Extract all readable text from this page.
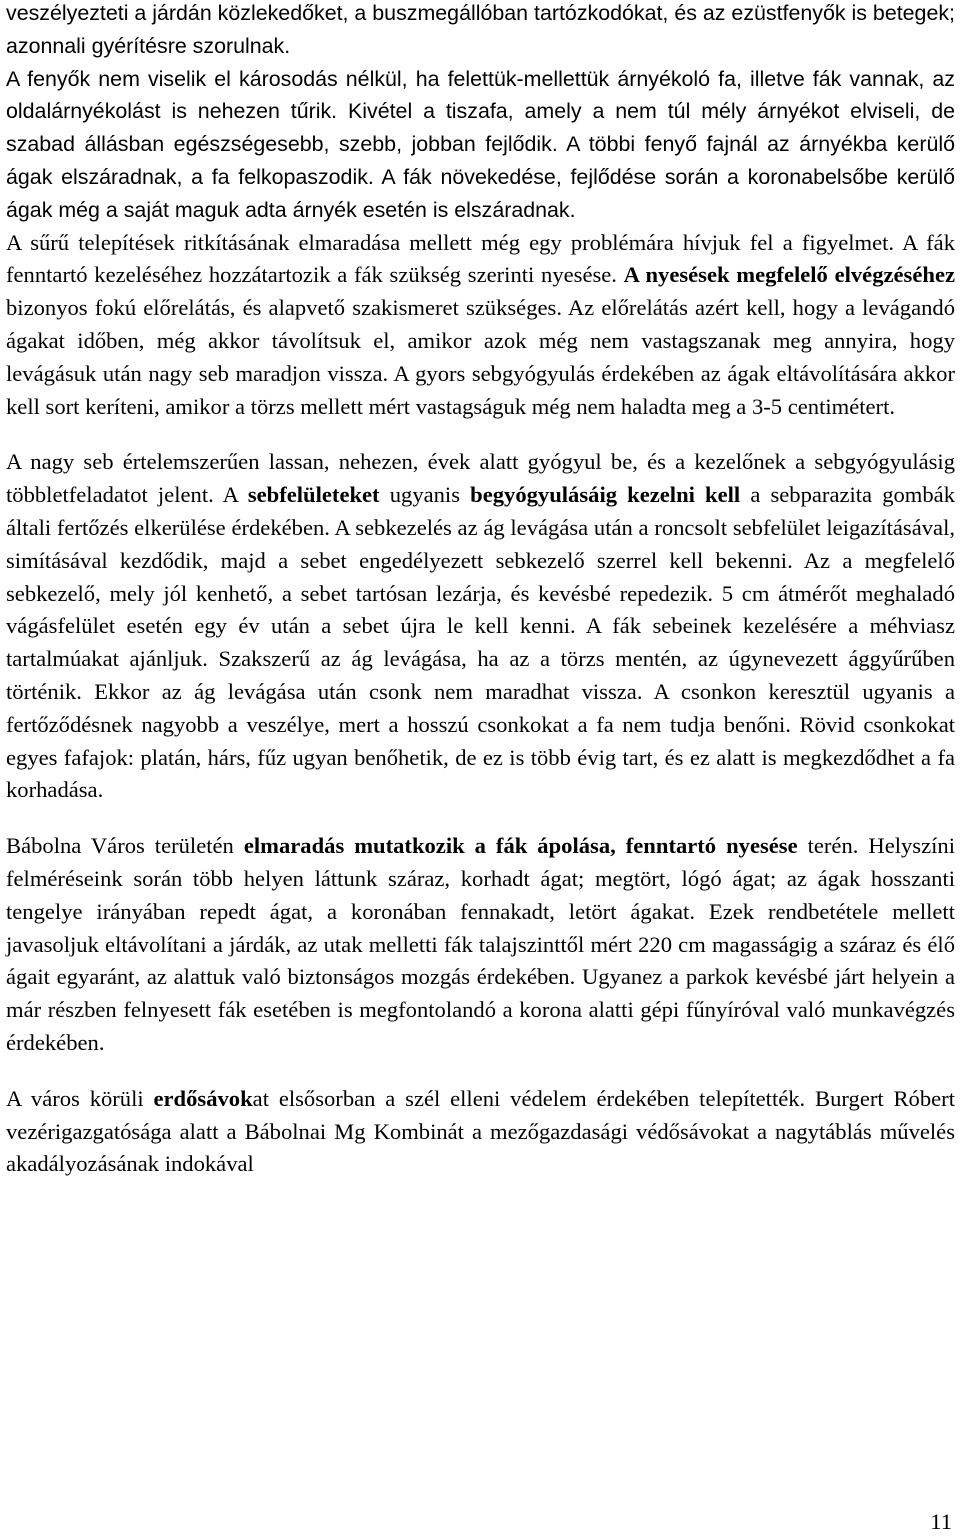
veszélyezteti a járdán közlekedőket, a buszmegállóban tartózkodókat, és az ezüstfenyők is betegek; azonnali gyérítésre szorulnak.
A fenyők nem viselik el károsodás nélkül, ha felettük-mellettük árnyékoló fa, illetve fák vannak, az oldalárnyékolást is nehezen tűrik. Kivétel a tiszafa, amely a nem túl mély árnyékot elviseli, de szabad állásban egészségesebb, szebb, jobban fejlődik. A többi fenyő fajnál az árnyékba kerülő ágak elszáradnak, a fa felkopaszodik. A fák növekedése, fejlődése során a koronabelsőbe kerülő ágak még a saját maguk adta árnyék esetén is elszáradnak.
A sűrű telepítések ritkításának elmaradása mellett még egy problémára hívjuk fel a figyelmet. A fák fenntartó kezeléséhez hozzátartozik a fák szükség szerinti nyesése. A nyesések megfelelő elvégzéséhez bizonyos fokú előrelátás, és alapvető szakismeret szükséges. Az előrelátás azért kell, hogy a levágandó ágakat időben, még akkor távolítsuk el, amikor azok még nem vastagszanak meg annyira, hogy levágásuk után nagy seb maradjon vissza. A gyors sebgyógyulás érdekében az ágak eltávolítására akkor kell sort keríteni, amikor a törzs mellett mért vastagságuk még nem haladta meg a 3-5 centimétert.

A nagy seb értelemszerűen lassan, nehezen, évek alatt gyógyul be, és a kezelőnek a sebgyógyulásig többletfeladatot jelent. A sebfelületeket ugyanis begyógyulásáig kezelni kell a sebparazita gombák általi fertőzés elkerülése érdekében. A sebkezelés az ág levágása után a roncsolt sebfelület leigazításával, simításával kezdődik, majd a sebet engedélyezett sebkezelő szerrel kell bekenni. Az a megfelelő sebkezelő, mely jól kenhető, a sebet tartósan lezárja, és kevésbé repedezik. 5 cm átmérőt meghaladó vágásfelület esetén egy év után a sebet újra le kell kenni. A fák sebeinek kezelésére a méhviasz tartalmúakat ajánljuk. Szakszerű az ág levágása, ha az a törzs mentén, az úgynevezett ággyűrűben történik. Ekkor az ág levágása után csonk nem maradhat vissza. A csonkon keresztül ugyanis a fertőződésnek nagyobb a veszélye, mert a hosszú csonkokat a fa nem tudja benőni. Rövid csonkokat egyes fafajok: platán, hárs, fűz ugyan benőhetik, de ez is több évig tart, és ez alatt is megkezdődhet a fa korhadása.

Bábolna Város területén elmaradás mutatkozik a fák ápolása, fenntartó nyesése terén. Helyszíni felméréseink során több helyen láttunk száraz, korhadt ágat; megtört, lógó ágat; az ágak hosszanti tengelye irányában repedt ágat, a koronában fennakadt, letört ágakat. Ezek rendbetétele mellett javasoljuk eltávolítani a járdák, az utak melletti fák talajszinttől mért 220 cm magasságig a száraz és élő ágait egyaránt, az alattuk való biztonságos mozgás érdekében. Ugyanez a parkok kevésbé járt helyein a már részben felnyesett fák esetében is megfontolandó a korona alatti gépi fűnyíróval való munkavégzés érdekében.

A város körüli erdősávokat elsősorban a szél elleni védelem érdekében telepítették. Burgert Róbert vezérigazgatósága alatt a Bábolnai Mg Kombinát a mezőgazdasági védősávokat a nagytáblás művelés akadályozásának indokával

11
